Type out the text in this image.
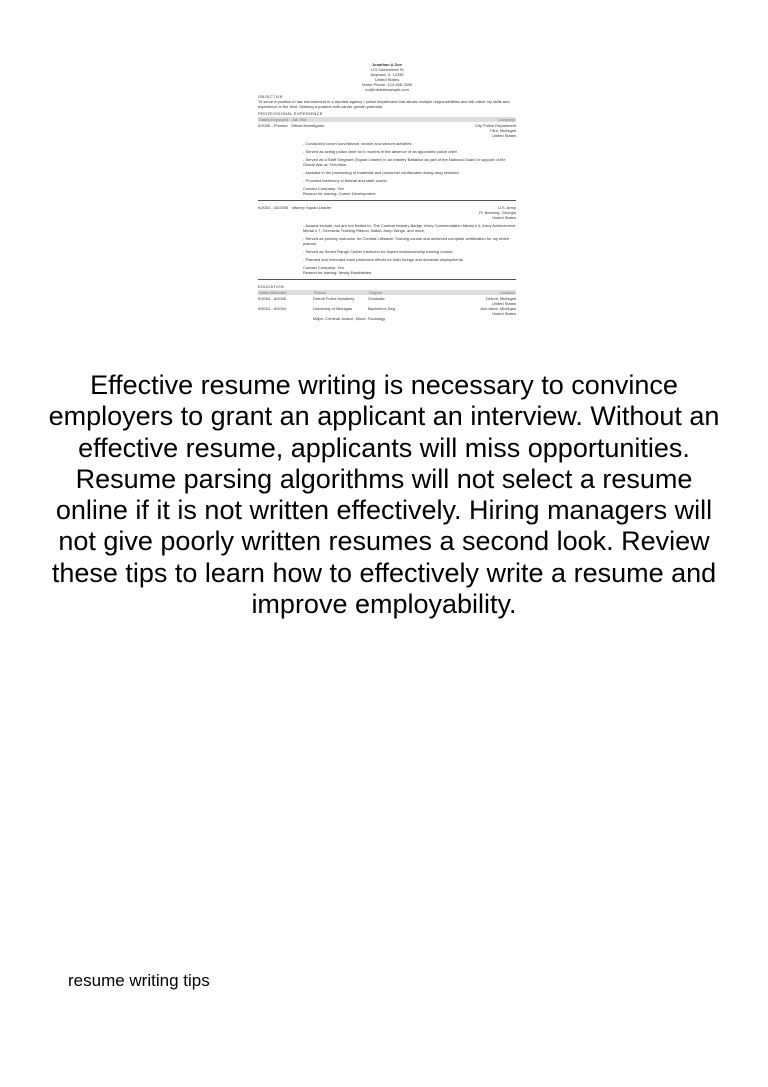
Jonathan A Doe
123 Somestreet St
Anytown, IL 12345
United States
Home Phone: 123-456-7890
co@infofullexample.com
OBJECTIVE
To serve a position in law enforcement in a reputed agency / police department that allows multiple responsibilities and will utilize my skills and experience in the field. Seeking a position with career growth potential.
PROFESSIONAL EXPERIENCE
Dates Employed Job Title	Company
6/2005 - Present Officer/Investigator	City Police Department
Flint, Michigan
United States
- Conducted covert surveillance, search and seizure activities.
- Served as acting police chief for 6 months in the absence of an appointed police chief.
- Served as a Staff Sergeant (Squad Leader) in an Infantry Battalion as part of the National Guard in support of the Global War on Terrorism.
- Assisted in the processing of materials and personnel confiscated during drug seizures.
- Provided testimony in federal and state courts.
Contact Company: Yes
Reason for leaving: Career Development
9/2003 - 03/2005 Infantry Squad Leader	U.S. Army
Ft. Benning, Georgia
United States
- Awards include, but are not limited to: The Combat Infantry Badge, Army Commendation Medal x 4, Army Achievement Medal x 7, Overseas Training Ribbon, Italian Jump Wings, and more.
- Served as primary instructor for Combat Lifesaver Training course and achieved complete certification for my entire platoon.
- Served as Senior Range Cadre/ Instructor for expert marksmanship training course.
- Planned and executed force protection efforts for both foreign and domestic deployments.
Contact Company: Yes
Reason for leaving: Newly Established
EDUCATION
Dates Attended	School	Degree	Location
9/2004 - 6/2005	Detroit Police Academy	Graduate	Detroit, Michigan
United States
9/2001 - 6/2004	University of Michigan	Bachelor's Deg	Ann Arbor, Michigan
United States
Major: Criminal Justice, Minor: Sociology
Effective resume writing is necessary to convince employers to grant an applicant an interview. Without an effective resume, applicants will miss opportunities. Resume parsing algorithms will not select a resume online if it is not written effectively. Hiring managers will not give poorly written resumes a second look. Review these tips to learn how to effectively write a resume and improve employability.
resume writing tips
